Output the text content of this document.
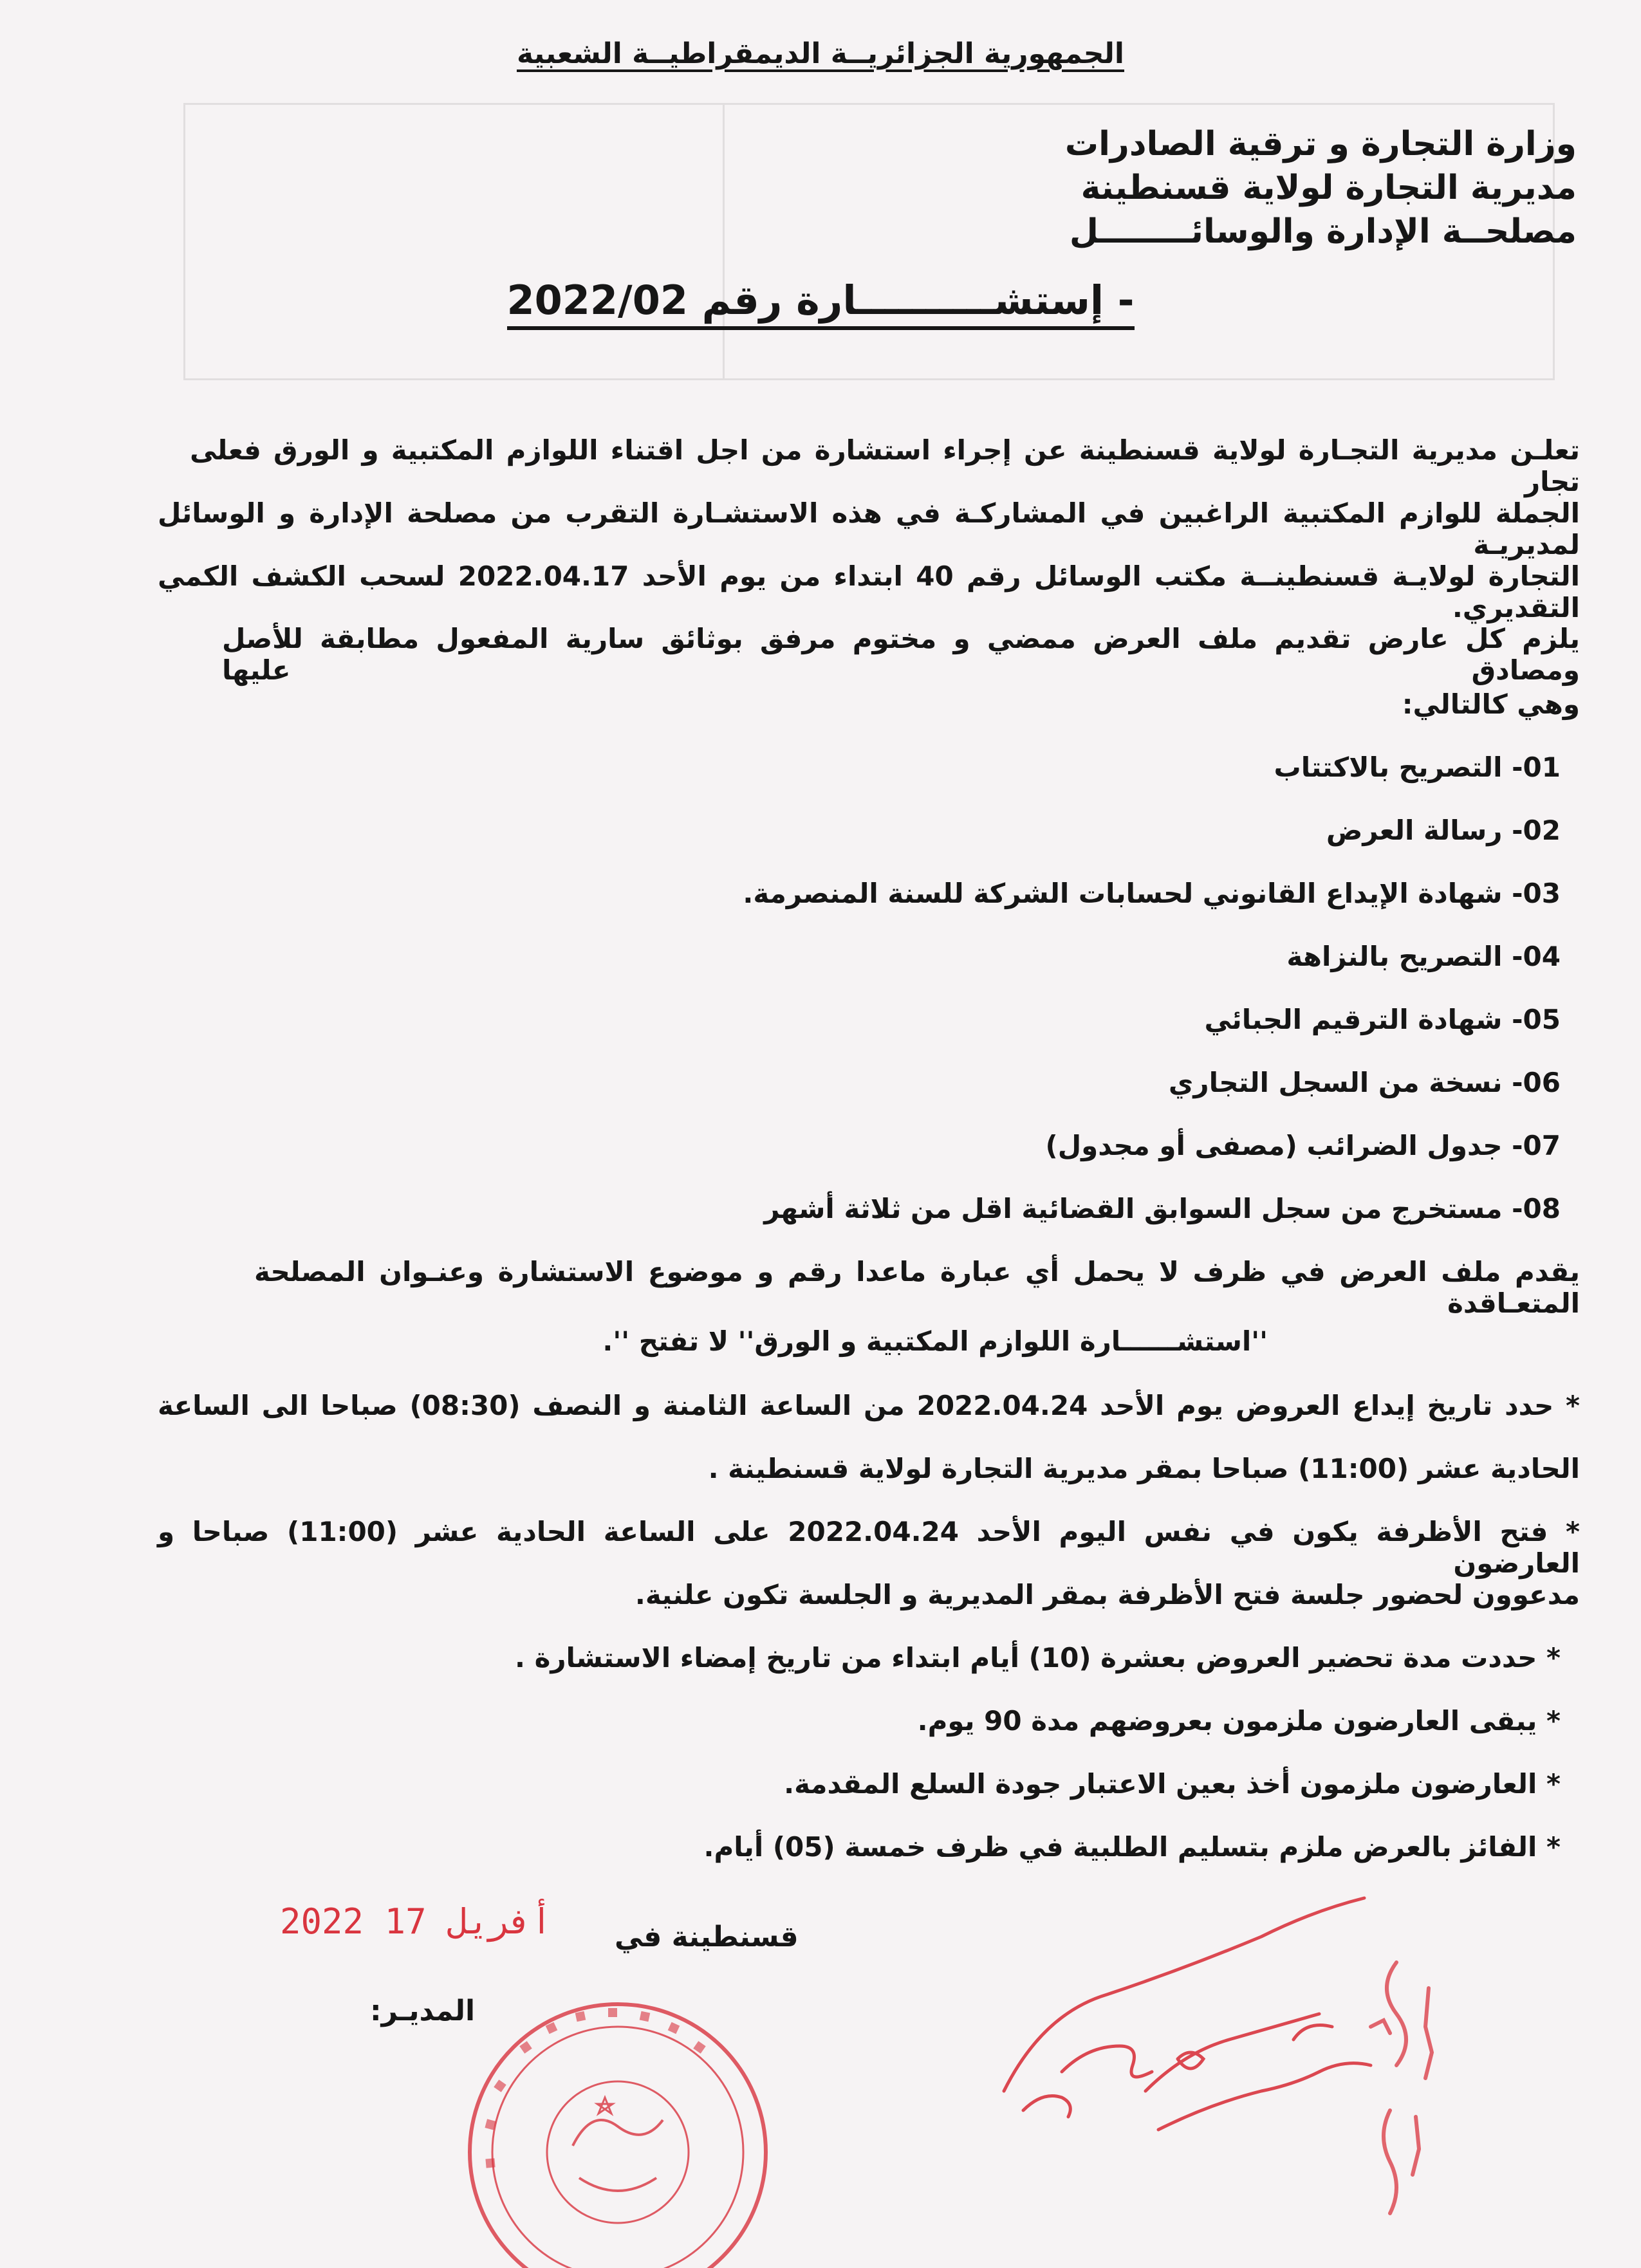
الجمهورية الجزائريــة الديمقراطيــة الشعبية
وزارة التجارة و ترقية الصادرات
مديرية التجارة لولاية قسنطينة
مصلحــة الإدارة والوسائــــــــل
- إستشــــــــــارة رقم 2022/02
تعلـن مديرية التجـارة لولاية قسنطينة عن إجراء استشارة من اجل اقتناء اللوازم المكتبية و الورق فعلى تجار
الجملة للوازم المكتبية الراغبين في المشاركـة في هذه الاستشـارة التقرب من مصلحة الإدارة و الوسائل لمديريـة
التجارة لولايـة قسنطينــة مكتب الوسائل رقم 40 ابتداء من يوم الأحد 2022.04.17 لسحب الكشف الكمي التقديري.
يلزم كل عارض تقديم ملف العرض ممضي و مختوم مرفق بوثائق سارية المفعول مطابقة للأصل ومصادق عليها
وهي كالتالي:
01- التصريح بالاكتتاب
02- رسالة العرض
03- شهادة الإيداع القانوني لحسابات الشركة للسنة المنصرمة.
04- التصريح بالنزاهة
05- شهادة الترقيم الجبائي
06- نسخة من السجل التجاري
07- جدول الضرائب (مصفى أو مجدول)
08- مستخرج من سجل السوابق القضائية اقل من ثلاثة أشهر
يقدم ملف العرض في ظرف لا يحمل أي عبارة ماعدا رقم و موضوع الاستشارة وعنـوان المصلحة المتعـاقدة
''استشــــــارة اللوازم المكتبية و الورق'' لا تفتح ''.
* حدد تاريخ إيداع العروض يوم الأحد 2022.04.24 من الساعة الثامنة و النصف (08:30) صباحا الى الساعة
الحادية عشر (11:00) صباحا بمقر مديرية التجارة لولاية قسنطينة .
* فتح الأظرفة يكون في نفس اليوم الأحد 2022.04.24 على الساعة الحادية عشر (11:00) صباحا و العارضون
مدعوون لحضور جلسة فتح الأظرفة بمقر المديرية و الجلسة تكون علنية.
* حددت مدة تحضير العروض بعشرة (10) أيام ابتداء من تاريخ إمضاء الاستشارة .
* يبقى العارضون ملزمون بعروضهم مدة 90 يوم.
* العارضون ملزمون أخذ بعين الاعتبار جودة السلع المقدمة.
* الفائز بالعرض ملزم بتسليم الطلبية في ظرف خمسة (05) أيام.
2022 أفريل 17 قسنطينة في
المديـر:
